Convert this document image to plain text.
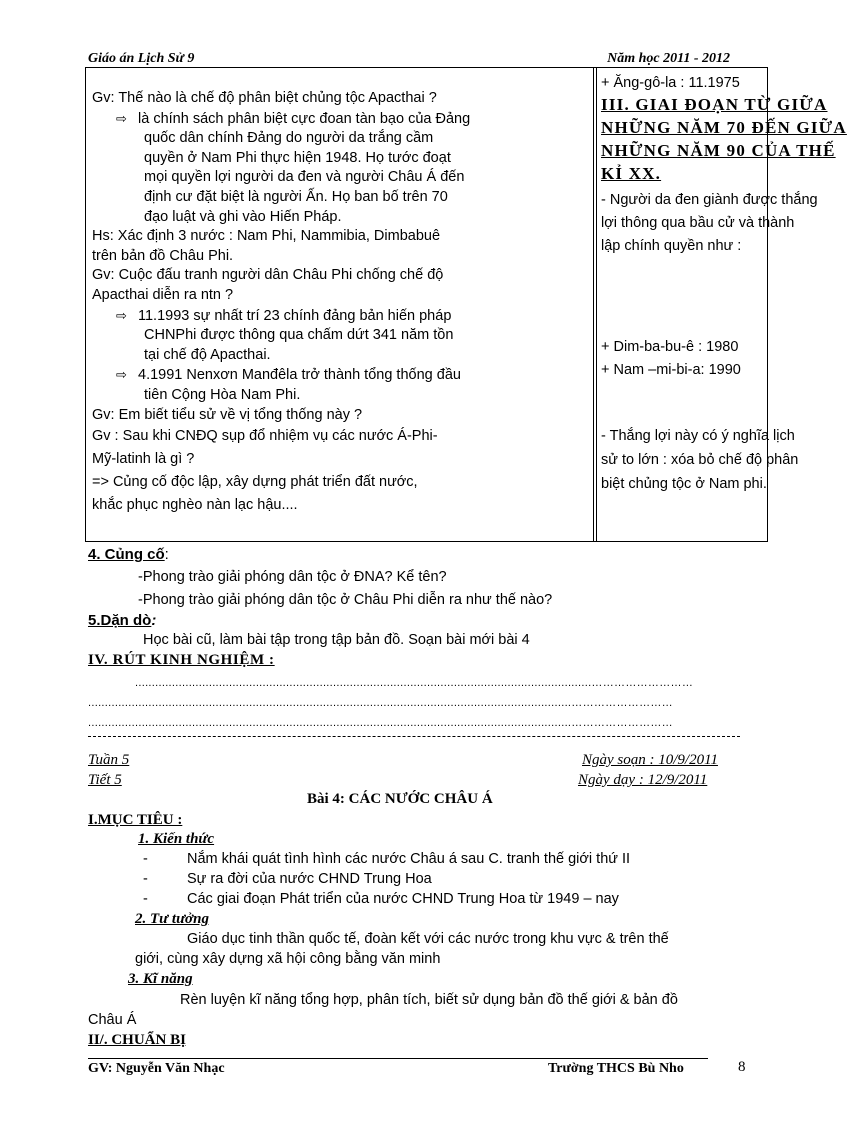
Giáo án Lịch Sử 9	Năm học 2011 - 2012
Gv: Thế nào là chế độ phân biệt chủng tộc Apacthai ?
⇨ là chính sách phân biệt cực đoan tàn bạo của Đảng
quốc dân chính Đảng do người da trắng cầm
quyền ở Nam Phi thực hiện 1948. Họ tước đoạt
mọi quyền lợi người da đen và người Châu Á đến
định cư đặt biệt là người Ấn. Họ ban bố trên 70
đạo luật và ghi vào Hiến Pháp.
Hs: Xác định 3 nước : Nam Phi, Nammibia, Dimbabuê
trên bản đồ Châu Phi.
Gv: Cuộc đấu tranh người dân Châu Phi chống chế độ
Apacthai diễn ra ntn ?
⇨ 11.1993 sự nhất trí 23 chính đảng bản hiến pháp
CHNPhi được thông qua chấm dứt 341 năm tồn
tại chế độ Apacthai.
⇨ 4.1991 Nenxơn Manđêla trở thành tổng thống đầu
tiên Cộng Hòa Nam Phi.
Gv: Em biết tiểu sử về vị tổng thống này ?
Gv : Sau khi CNĐQ sụp đổ nhiệm vụ các nước Á-Phi-
Mỹ-latinh là gì ?
=> Củng cố độc lập, xây dựng phát triển đất nước,
khắc phục nghèo nàn lạc hậu....
+ Ăng-gô-la : 11.1975
III. GIAI ĐOẠN TỪ GIỮA
NHỮNG NĂM 70 ĐẾN GIỮA
NHỮNG NĂM 90 CỦA THẾ
KỈ XX.
- Người da đen giành được thắng
lợi thông qua bầu cử và thành
lập chính quyền như :
+ Dim-ba-bu-ê : 1980
+ Nam –mi-bi-a: 1990
- Thắng lợi này có ý nghĩa lịch
sử to lớn : xóa bỏ chế độ phân
biệt chủng tộc ở Nam phi.
4. Củng cố:
-Phong trào giải phóng dân tộc ở ĐNA? Kể tên?
-Phong trào giải phóng dân tộc ở Châu Phi diễn ra như thế nào?
5.Dặn dò:
Học bài cũ, làm bài tập trong tập bản đồ. Soạn bài mới bài 4
IV. RÚT KINH NGHIỆM :
........................................................................................................................................………………………
................................................................................................................................................………………………
................................................................................................................................................………………………
Tuần 5
Tiết 5
Ngày soạn : 10/9/2011
Ngày dạy : 12/9/2011
Bài 4: CÁC NƯỚC CHÂU Á
I.MỤC TIÊU :
1. Kiến thức
-	Nắm khái quát tình hình các nước Châu á sau C. tranh thế giới thứ II
-	Sự ra đời của nước CHND Trung Hoa
-	Các giai đoạn Phát triển của nước CHND Trung Hoa từ 1949 – nay
2. Tư tưởng
Giáo dục tinh thần quốc tế, đoàn kết với các nước trong khu vực & trên thế
giới, cùng xây dựng xã hội công bằng văn minh
3. Kĩ năng
Rèn luyện kĩ năng tổng hợp, phân tích, biết sử dụng bản đồ thế giới & bản đồ
Châu Á
II/. CHUẨN BỊ
GV: Nguyễn Văn Nhạc	Trường THCS Bù Nho	8
